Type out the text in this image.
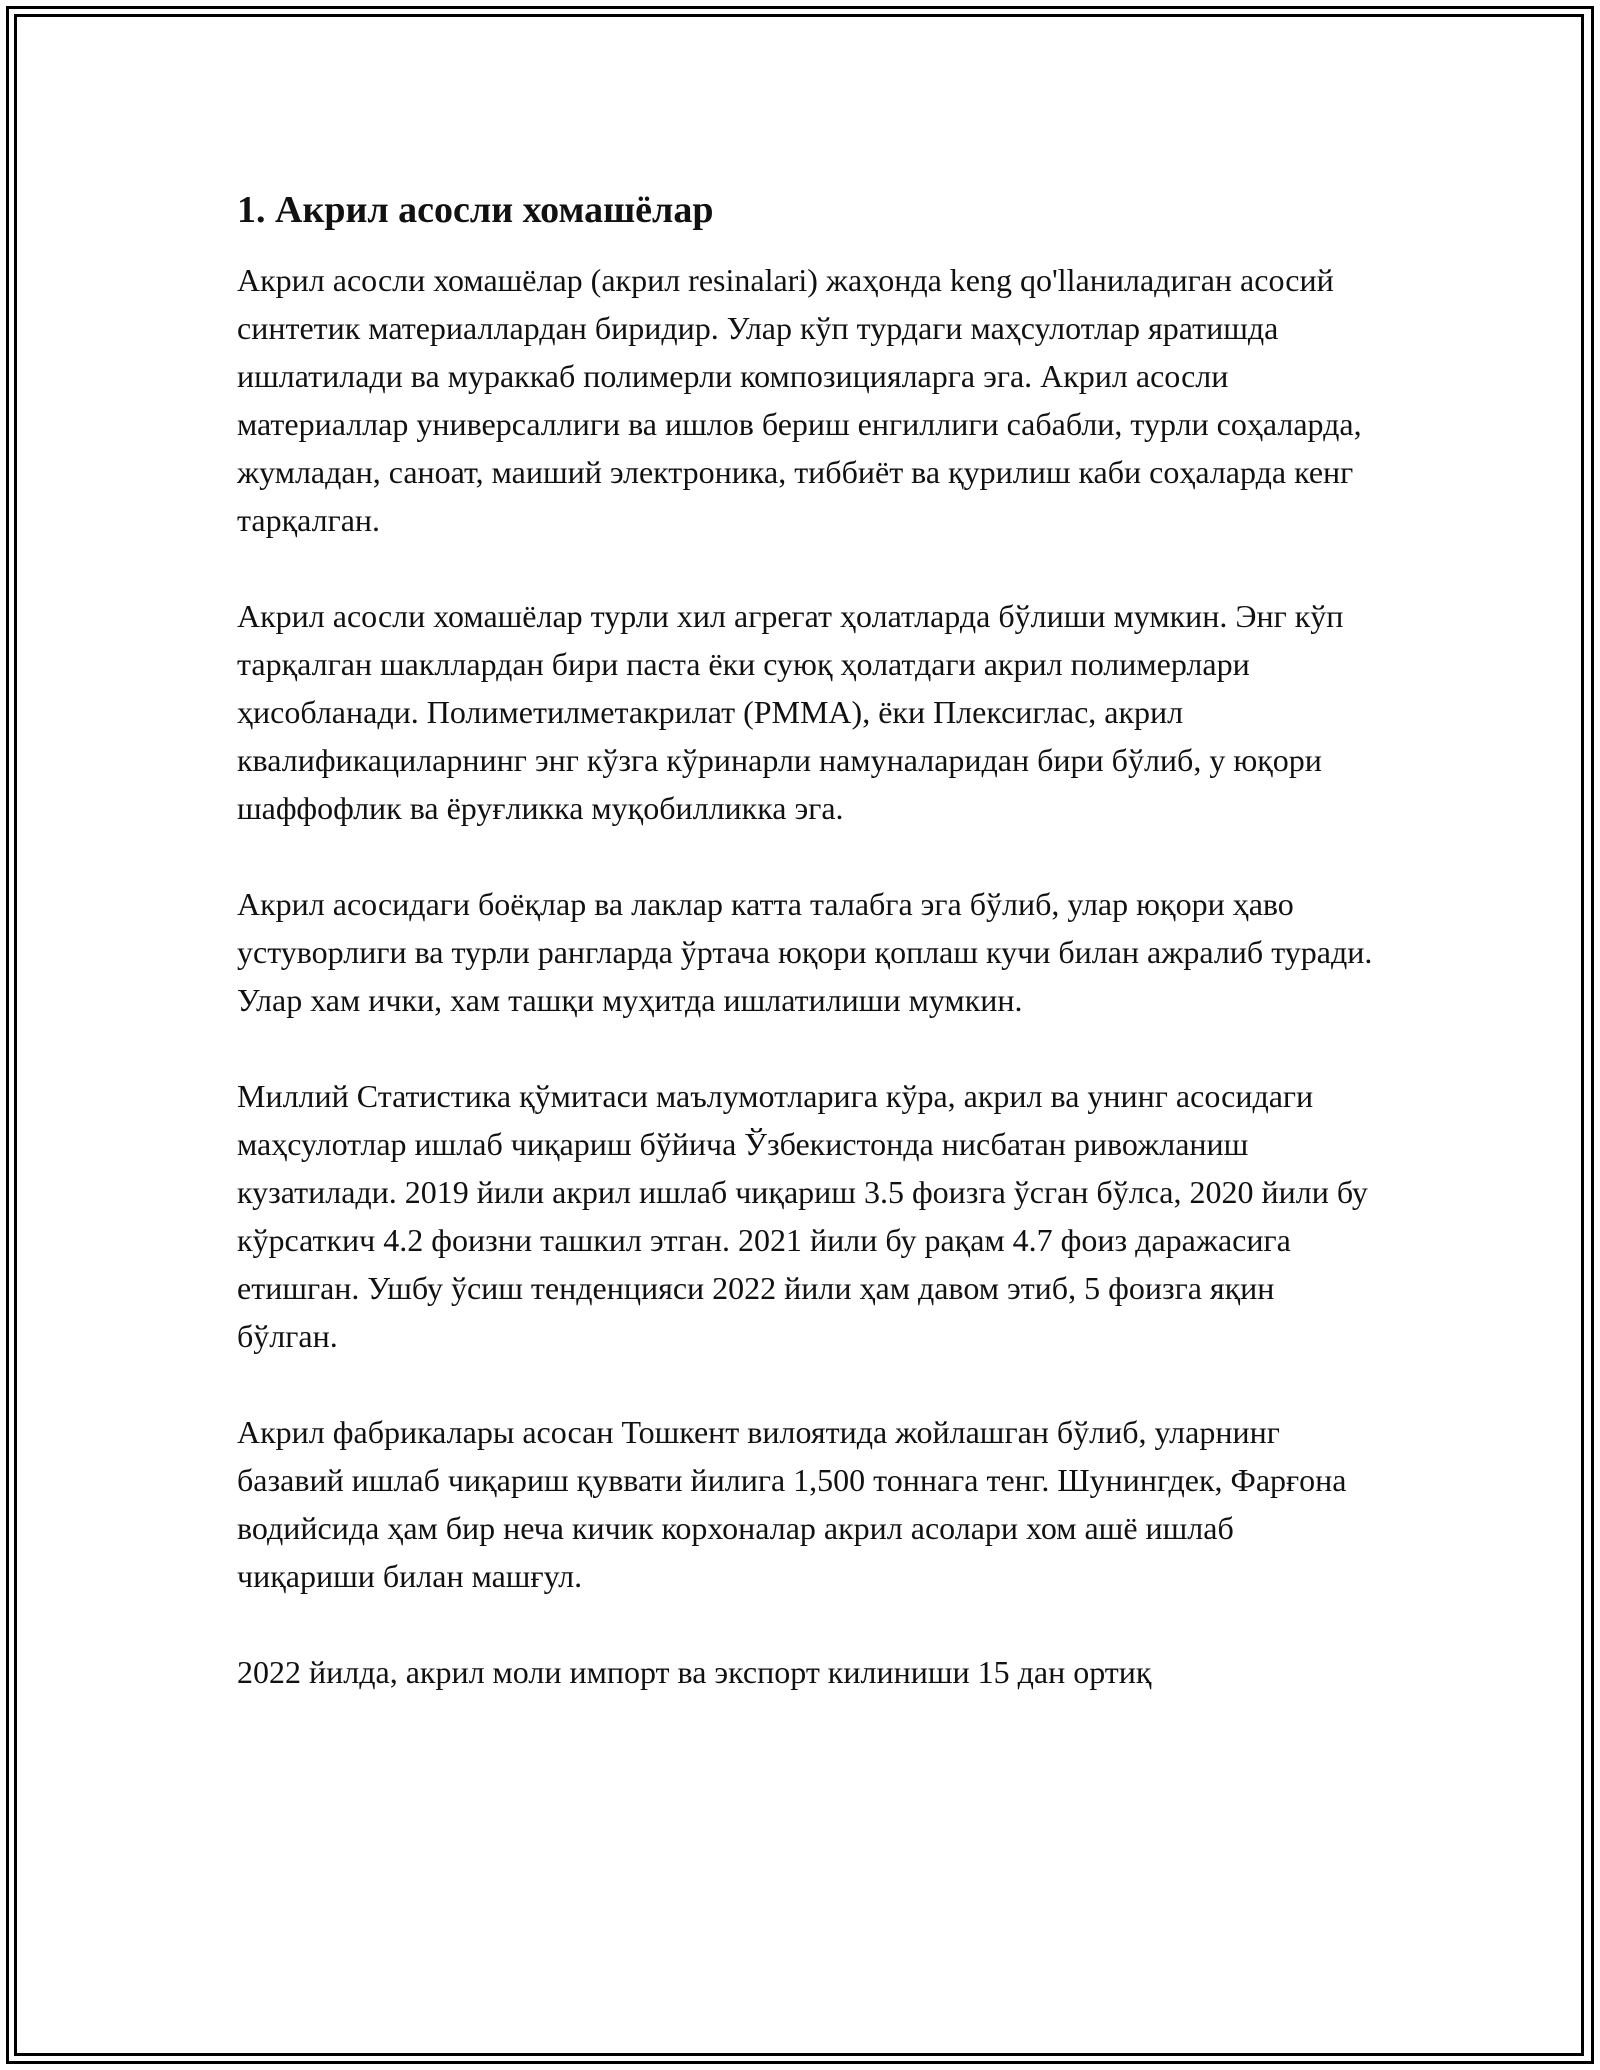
1. Акрил асосли хомашёлар

Акрил асосли хомашёлар (акрил resinalari) жаҳонда keng qo'llаниладиган асосий синтетик материаллардан биридир. Улар кўп турдаги маҳсулотлар яратишда ишлатилади ва мураккаб полимерли композицияларга эга. Акрил асосли материаллар универсаллиги ва ишлов бериш енгиллиги сабабли, турли соҳаларда, жумладан, саноат, маиший электроника, тиббиёт ва қурилиш каби соҳаларда кенг тарқалган.

Акрил асосли хомашёлар турли хил агрегат ҳолатларда бўлиши мумкин. Энг кўп тарқалган шакллардан бири паста ёки суюқ ҳолатдаги акрил полимерлари ҳисобланади. Полиметилметакрилат (PMMA), ёки Плексиглас, акрил квалификациларнинг энг кўзга кўринарли намуналаридан бири бўлиб, у юқори шаффофлик ва ёруғликка муқобилликка эга.

Акрил асосидаги боёқлар ва лаклар катта талабга эга бўлиб, улар юқори ҳаво устуворлиги ва турли рангларда ўртача юқори қоплаш кучи билан ажралиб туради. Улар хам ички, хам ташқи муҳитда ишлатилиши мумкин.

Миллий Статистика қўмитаси маълумотларига кўра, акрил ва унинг асосидаги маҳсулотлар ишлаб чиқариш бўйича Ўзбекистонда нисбатан ривожланиш кузатилади. 2019 йили акрил ишлаб чиқариш 3.5 фоизга ўсган бўлса, 2020 йили бу кўрсаткич 4.2 фоизни ташкил этган. 2021 йили бу рақам 4.7 фоиз даражасига етишган. Ушбу ўсиш тенденцияси 2022 йили ҳам давом этиб, 5 фоизга яқин бўлган.

Акрил фабрикалары асосан Тошкент вилоятида жойлашган бўлиб, уларнинг базавий ишлаб чиқариш қуввати йилига 1,500 тоннага тенг. Шунингдек, Фарғона водийсида ҳам бир неча кичик корхоналар акрил асолари хом ашё ишлаб чиқариши билан машғул.

2022 йилда, акрил моли импорт ва экспорт килиниши 15 дан ортиқ
